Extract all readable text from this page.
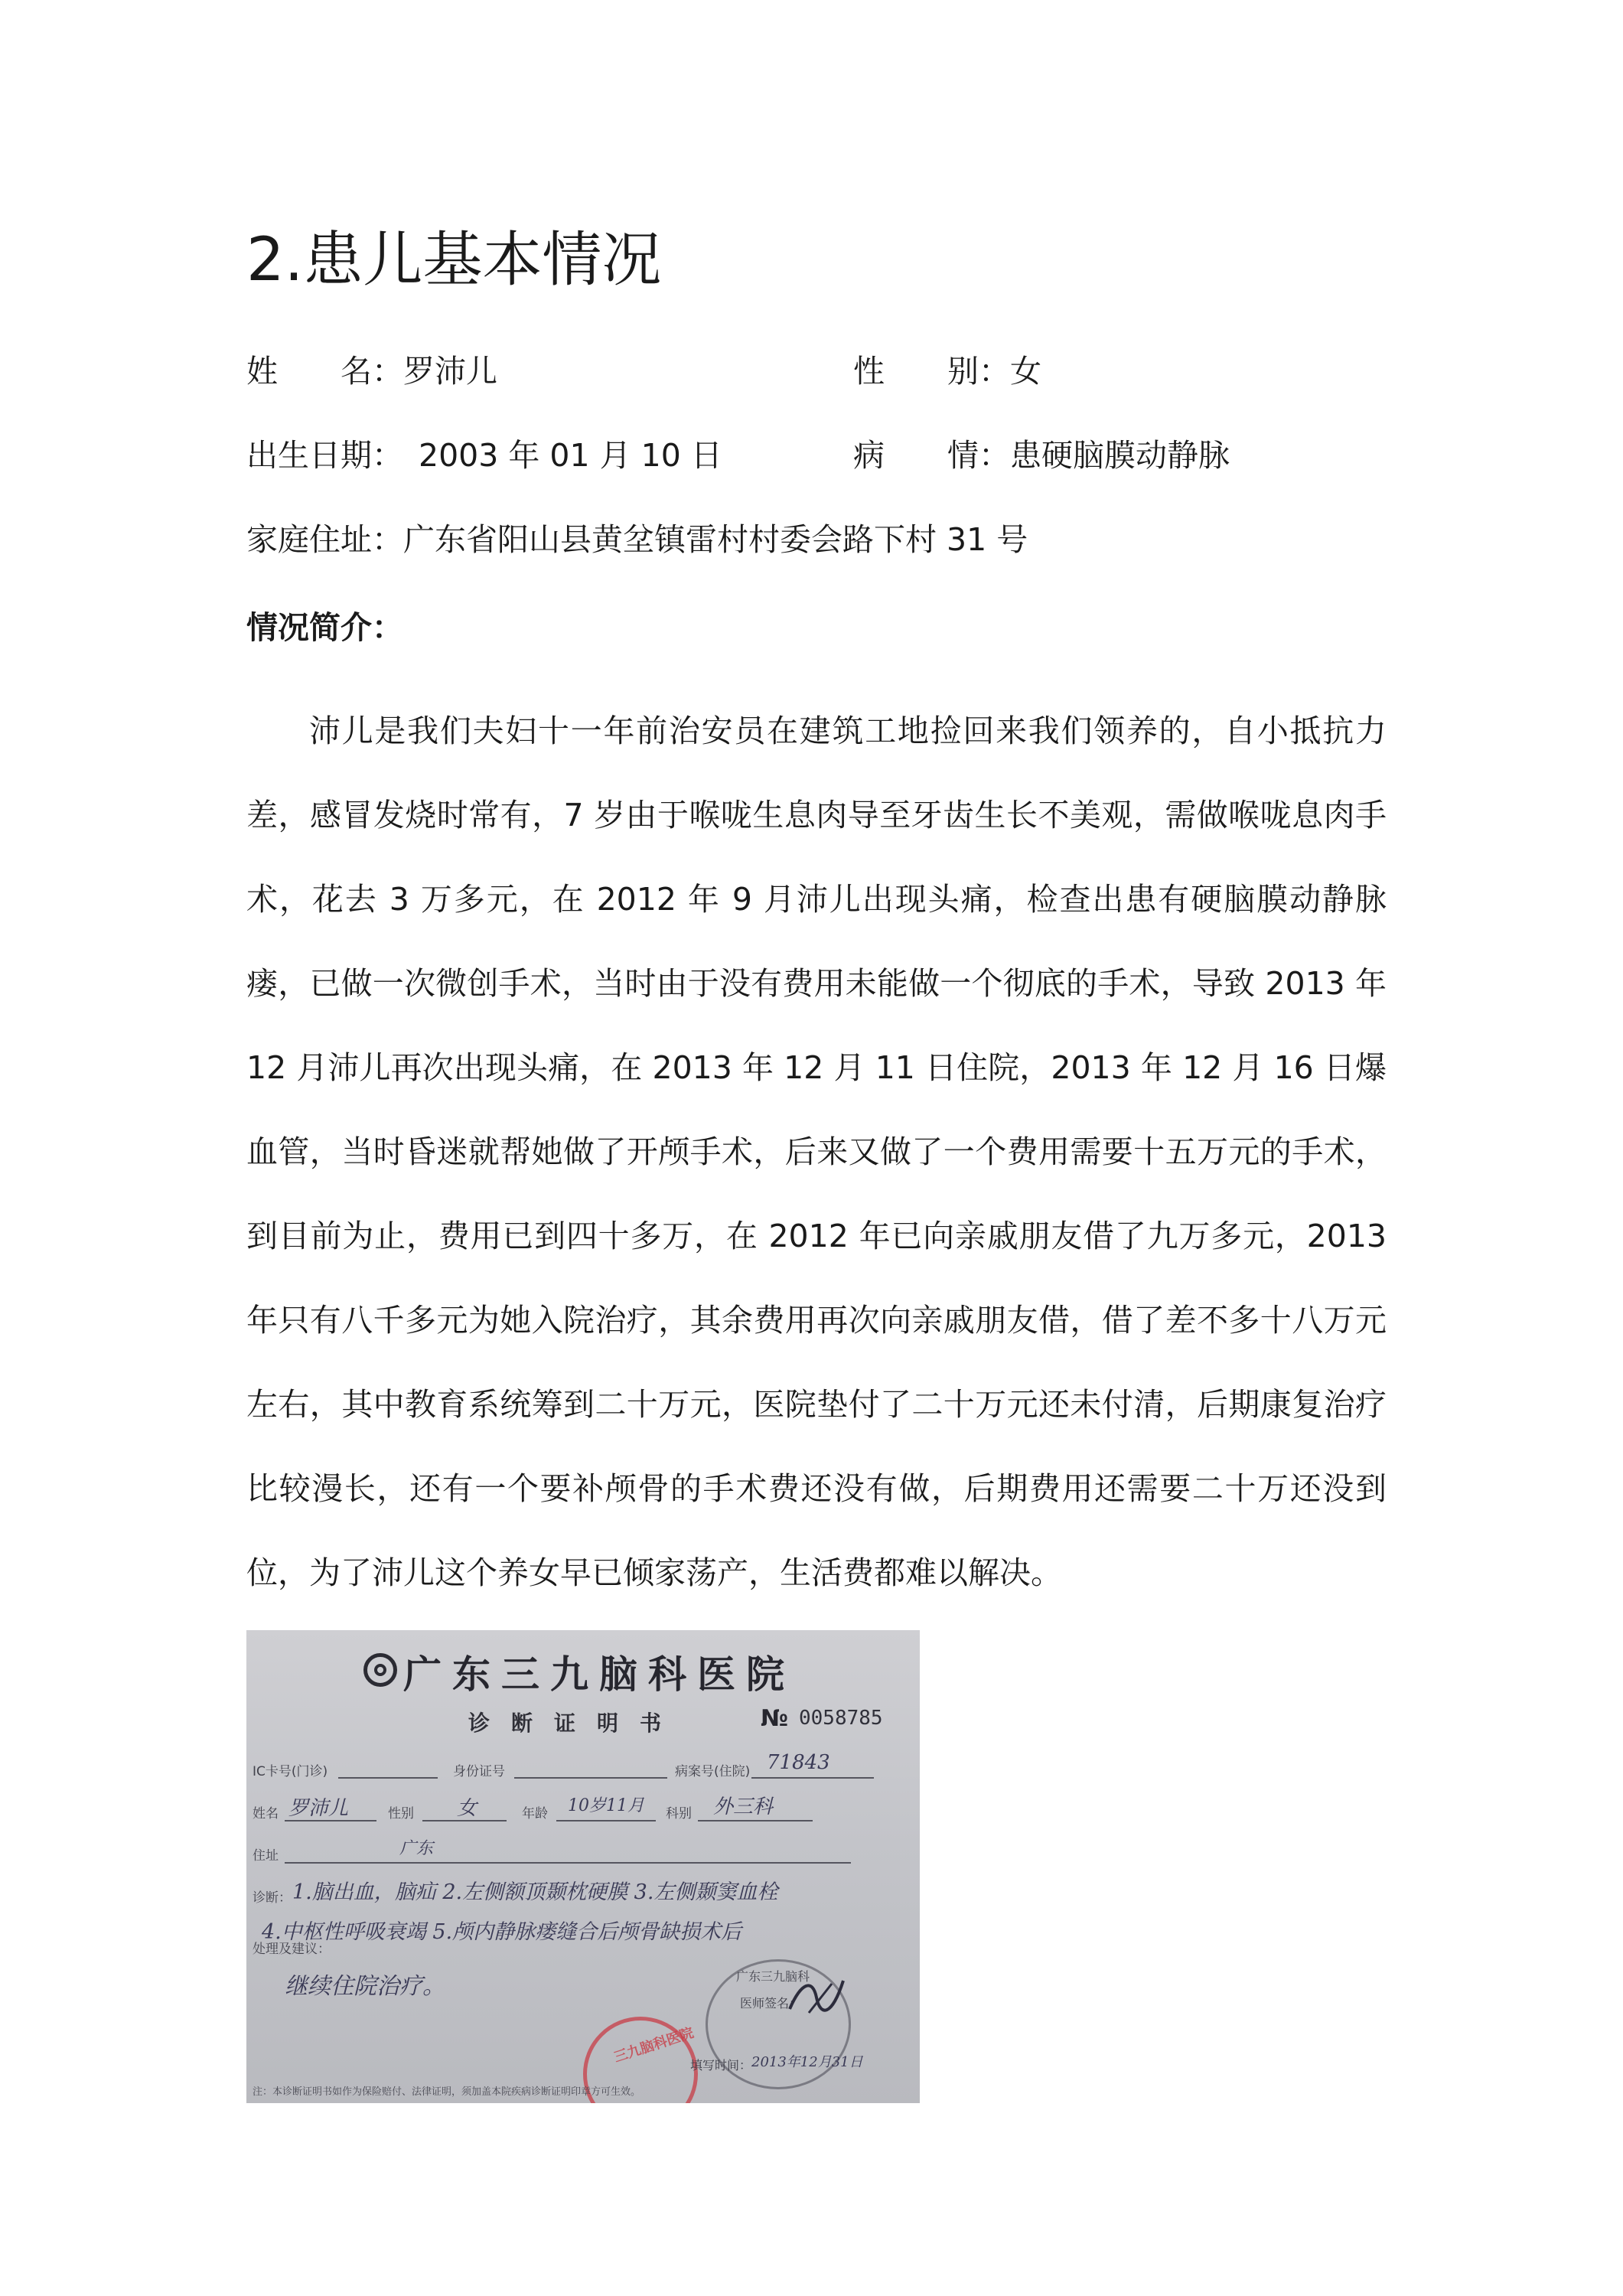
2.患儿基本情况
姓　　名：罗沛儿	性　　别：女
出生日期： 2003 年 01 月 10 日	病　　情：患硬脑膜动静脉
家庭住址：广东省阳山县黄坌镇雷村村委会路下村 31 号
情况简介：

沛儿是我们夫妇十一年前治安员在建筑工地捡回来我们领养的，自小抵抗力差，感冒发烧时常有，7 岁由于喉咙生息肉导至牙齿生长不美观，需做喉咙息肉手术，花去 3 万多元，在 2012 年 9 月沛儿出现头痛，检查出患有硬脑膜动静脉瘘，已做一次微创手术，当时由于没有费用未能做一个彻底的手术，导致 2013 年 12 月沛儿再次出现头痛，在 2013 年 12 月 11 日住院，2013 年 12 月 16 日爆血管，当时昏迷就帮她做了开颅手术，后来又做了一个费用需要十五万元的手术，到目前为止，费用已到四十多万，在 2012 年已向亲戚朋友借了九万多元，2013 年只有八千多元为她入院治疗，其余费用再次向亲戚朋友借，借了差不多十八万元左右，其中教育系统筹到二十万元，医院垫付了二十万元还未付清，后期康复治疗比较漫长，还有一个要补颅骨的手术费还没有做，后期费用还需要二十万还没到位，为了沛儿这个养女早已倾家荡产，生活费都难以解决。

广东三九脑科医院
诊断证明书	№ 0058785
IC卡号(门诊)	身份证号	病案号(住院) 71843
姓名 罗沛儿	性别 女	年龄 10岁11月 科别 外三科
住址	广东
诊断： 1.脑出血，脑疝 2.左侧额顶颞枕硬膜 3.左侧颞窦血栓
4.中枢性呼吸衰竭 5.颅内静脉瘘缝合后颅骨缺损术后
处理及建议：
继续住院治疗。	广东三九脑科
医师签名：
三九脑科医院
填写时间： 2013年12月31日
注：本诊断证明书如作为保险赔付、法律证明，须加盖本院疾病诊断证明印章方可生效。
